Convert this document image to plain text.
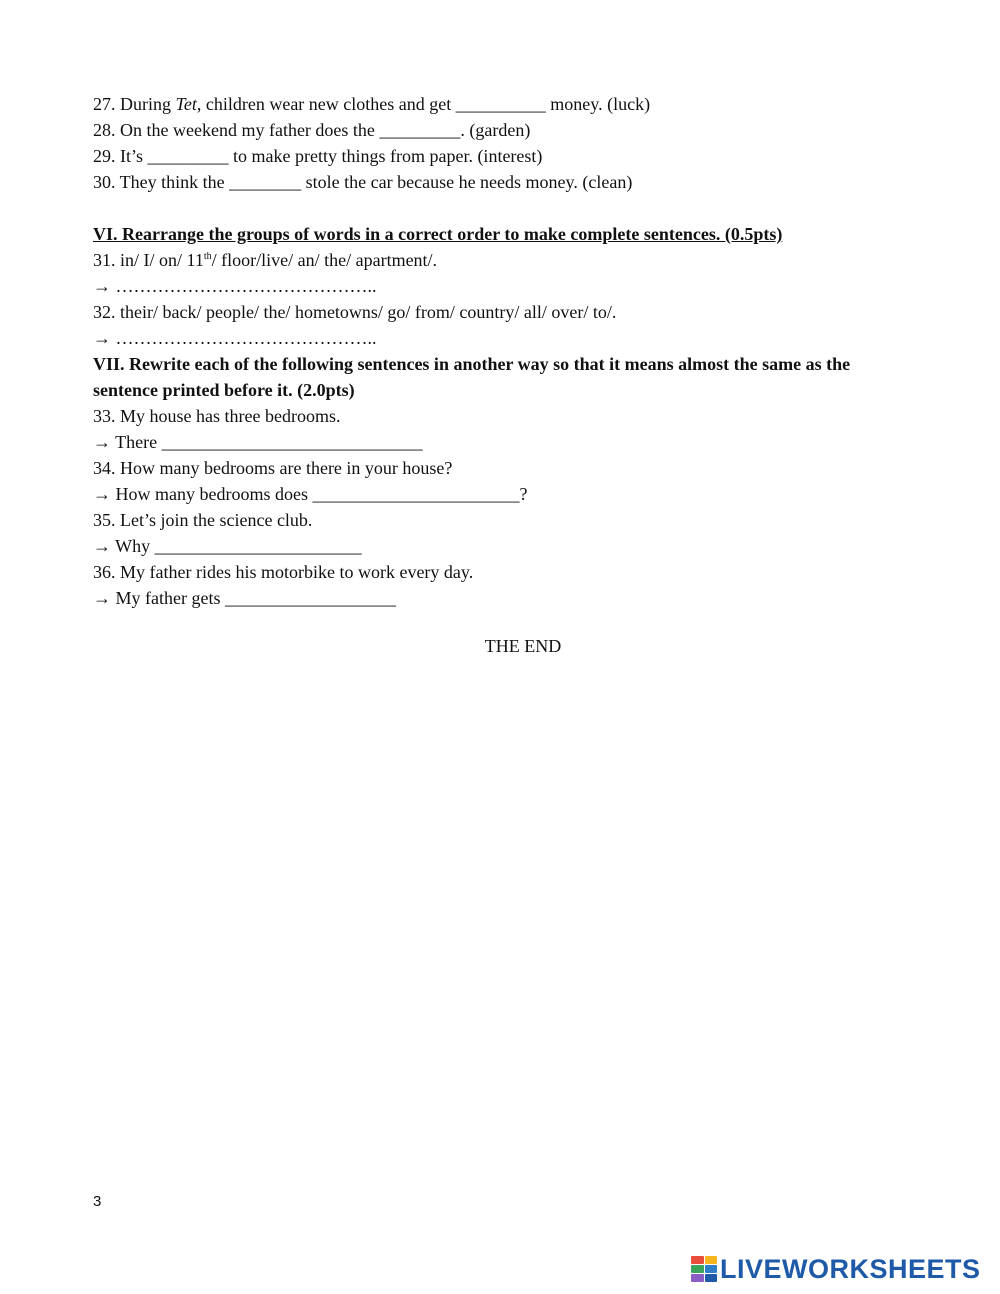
27. During Tet, children wear new clothes and get __________ money. (luck)
28. On the weekend my father does the _________. (garden)
29. It’s _________ to make pretty things from paper. (interest)
30. They think the ________ stole the car because he needs money. (clean)
VI. Rearrange the groups of words in a correct order to make complete sentences. (0.5pts)
31. in/ I/ on/ 11th/ floor/live/ an/ the/ apartment/.
→ ……………………………………..
32. their/ back/ people/ the/ hometowns/ go/ from/ country/ all/ over/ to/.
→ ……………………………………..
VII. Rewrite each of the following sentences in another way so that it means almost the same as the sentence printed before it. (2.0pts)
33. My house has three bedrooms.
→ There _____________________________
34. How many bedrooms are there in your house?
→ How many bedrooms does _______________________?
35. Let’s join the science club.
→ Why _______________________
36. My father rides his motorbike to work every day.
→ My father gets ___________________
THE END
3
LIVEWORKSHEETS
